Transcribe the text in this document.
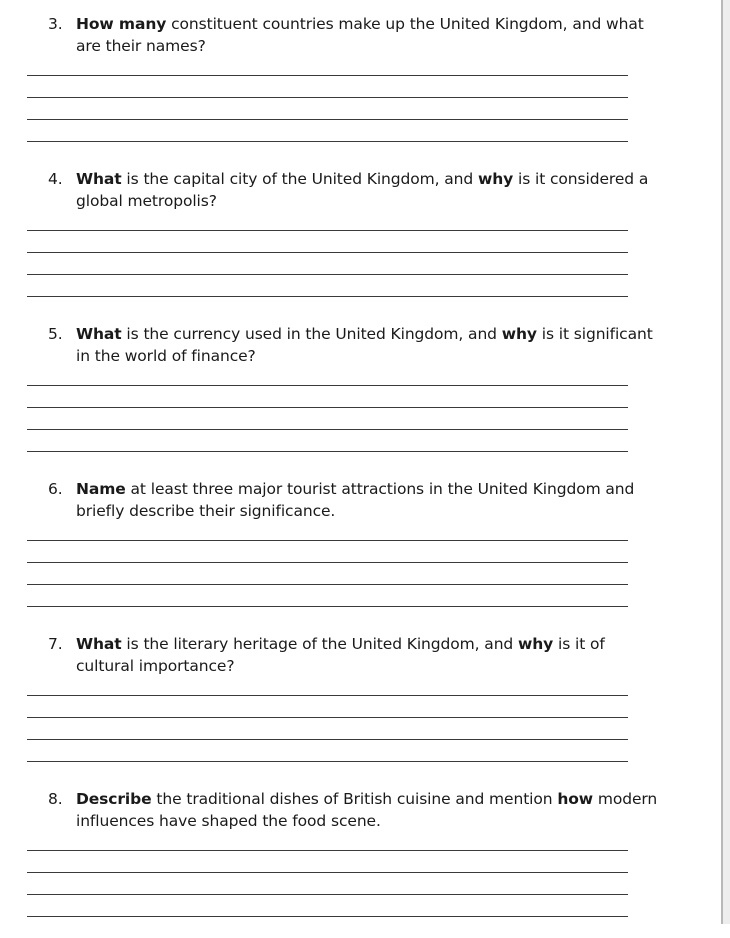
3. How many constituent countries make up the United Kingdom, and what are their names?
4. What is the capital city of the United Kingdom, and why is it considered a global metropolis?
5. What is the currency used in the United Kingdom, and why is it significant in the world of finance?
6. Name at least three major tourist attractions in the United Kingdom and briefly describe their significance.
7. What is the literary heritage of the United Kingdom, and why is it of cultural importance?
8. Describe the traditional dishes of British cuisine and mention how modern influences have shaped the food scene.
